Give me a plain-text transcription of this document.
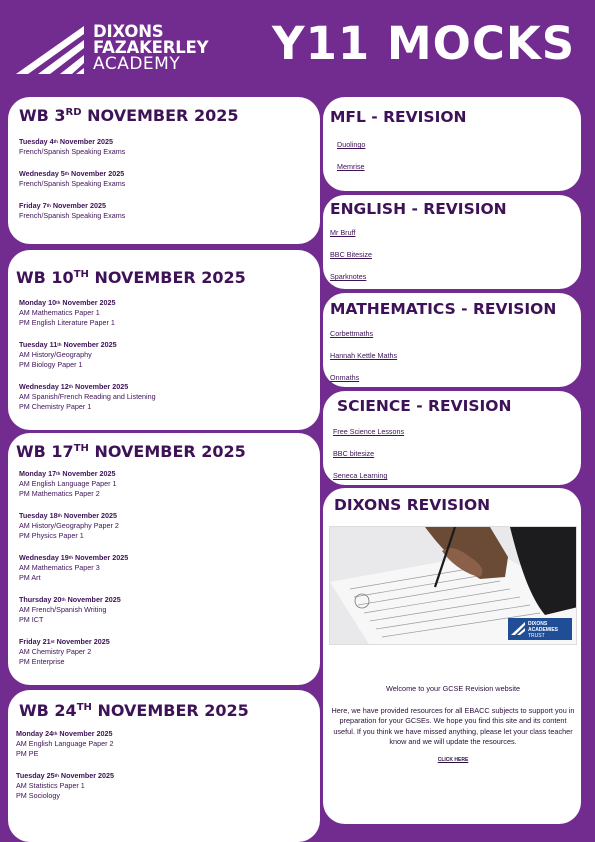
DIXONS
FAZAKERLEY
ACADEMY	Y11 MOCKS
WB 3RD NOVEMBER 2025
Tuesday 4th November 2025
French/Spanish Speaking Exams
Wednesday 5th November 2025
French/Spanish Speaking Exams
Friday 7th November 2025
French/Spanish Speaking Exams
WB 10TH NOVEMBER 2025
Monday 10th November 2025
AM Mathematics Paper 1
PM English Literature Paper 1
Tuesday 11th November 2025
AM History/Geography
PM Biology Paper 1
Wednesday 12th November 2025
AM Spanish/French Reading and Listening
PM Chemistry Paper 1
WB 17TH NOVEMBER 2025
Monday 17th November 2025
AM English Language Paper 1
PM Mathematics Paper 2
Tuesday 18th November 2025
AM History/Geography Paper 2
PM Physics Paper 1
Wednesday 19th November 2025
AM Mathematics Paper 3
PM Art
Thursday 20th November 2025
AM French/Spanish Writing
PM ICT
Friday 21st November 2025
AM Chemistry Paper 2
PM Enterprise
WB 24TH NOVEMBER 2025
Monday 24th November 2025
AM English Language Paper 2
PM PE
Tuesday 25th November 2025
AM Statistics Paper 1
PM Sociology
MFL - REVISION
Duolingo
Memrise
ENGLISH - REVISION
Mr Bruff
BBC Bitesize
Sparknotes
MATHEMATICS - REVISION
Corbettmaths
Hannah Kettle Maths
Onmaths
SCIENCE - REVISION
Free Science Lessons
BBC bitesize
Seneca Learning
DIXONS REVISION
DIXONS
ACADEMIES
TRUST

Welcome to your GCSE Revision website

Here, we have provided resources for all EBACC subjects to support you in preparation for your GCSEs. We hope you find this site and its content useful. If you think we have missed anything, please let your class teacher know and we will update the resources.

CLICK HERE
